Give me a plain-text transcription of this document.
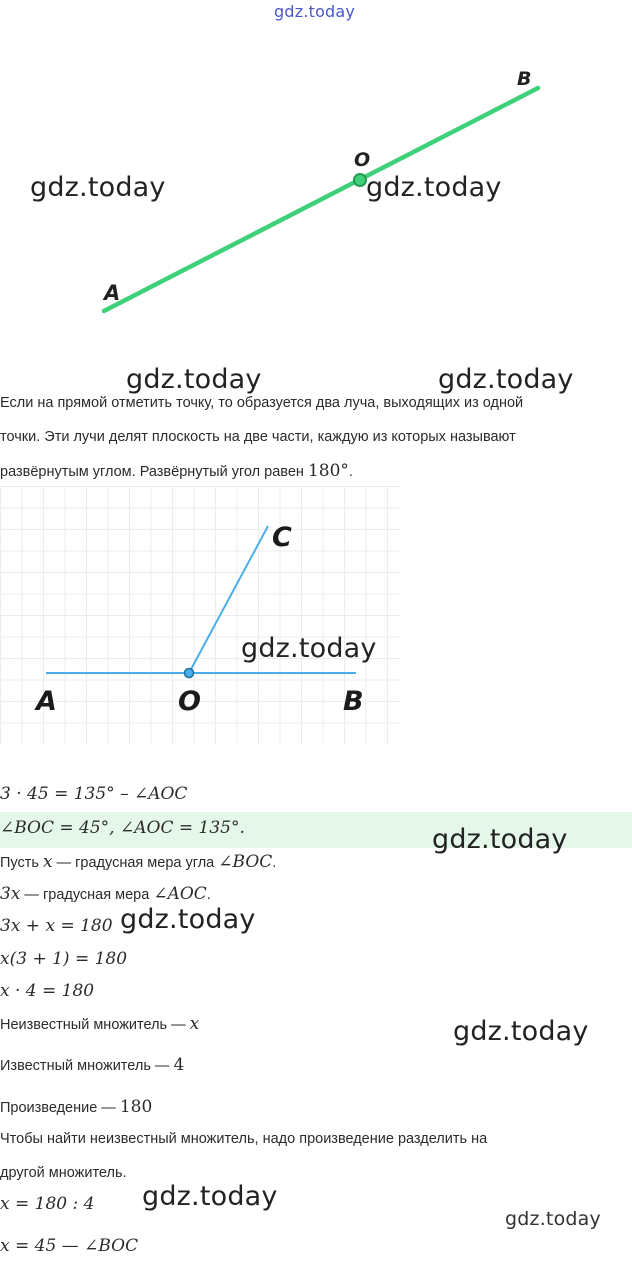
gdz.today
A
O
B
gdz.today	gdz.today
gdz.today	gdz.today
Если на прямой отметить точку, то образуется два луча, выходящих из одной
точки. Эти лучи делят плоскость на две части, каждую из которых называют
развёрнутым углом. Развёрнутый угол равен 180°.
A	O	B
C
gdz.today
3 · 45 = 135° – ∠AOC
∠BOC = 45°, ∠AOC = 135°.	gdz.today
Пусть x — градусная мера угла ∠BOC.
3x — градусная мера ∠AOC.
3x + x = 180 gdz.today
x(3 + 1) = 180
x · 4 = 180
Неизвестный множитель — x	gdz.today
Известный множитель — 4
Произведение — 180
Чтобы найти неизвестный множитель, надо произведение разделить на
другой множитель.
x = 180 : 4 gdz.today
gdz.today
x = 45 — ∠BOC
